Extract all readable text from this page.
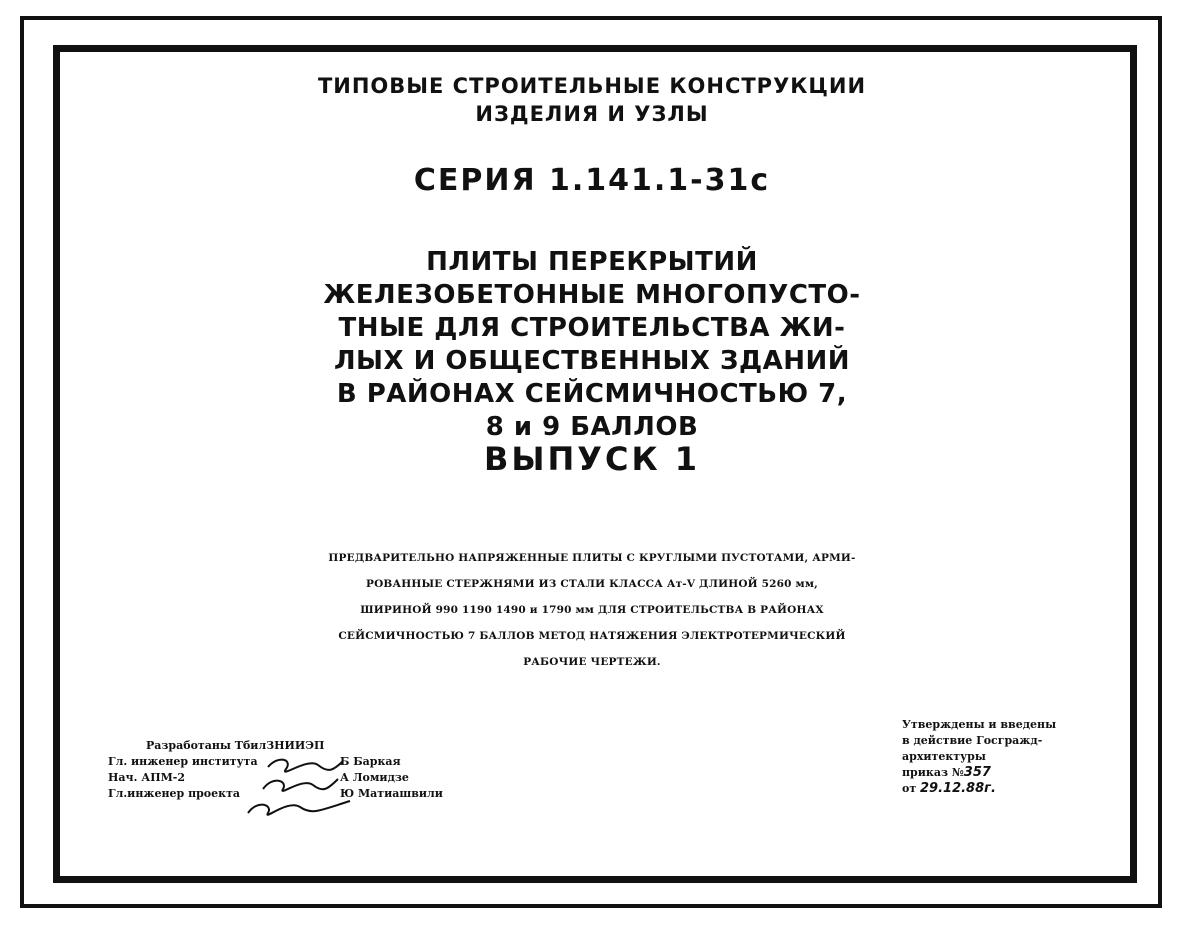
ТИПОВЫЕ СТРОИТЕЛЬНЫЕ КОНСТРУКЦИИ
ИЗДЕЛИЯ И УЗЛЫ
СЕРИЯ 1.141.1-31с
ПЛИТЫ ПЕРЕКРЫТИЙ
ЖЕЛЕЗОБЕТОННЫЕ МНОГОПУСТО-
ТНЫЕ ДЛЯ СТРОИТЕЛЬСТВА ЖИ-
ЛЫХ И ОБЩЕСТВЕННЫХ ЗДАНИЙ
В РАЙОНАХ СЕЙСМИЧНОСТЬЮ 7,
8 и 9 БАЛЛОВ
ВЫПУСК 1
ПРЕДВАРИТЕЛЬНО НАПРЯЖЕННЫЕ ПЛИТЫ С КРУГЛЫМИ ПУСТОТАМИ, АРМИ-
РОВАННЫЕ СТЕРЖНЯМИ ИЗ СТАЛИ КЛАССА Ат-V ДЛИНОЙ 5260 мм,
ШИРИНОЙ 990 1190 1490 и 1790 мм ДЛЯ СТРОИТЕЛЬСТВА В РАЙОНАХ
СЕЙСМИЧНОСТЬЮ 7 БАЛЛОВ МЕТОД НАТЯЖЕНИЯ ЭЛЕКТРОТЕРМИЧЕСКИЙ
РАБОЧИЕ ЧЕРТЕЖИ.
Разработаны ТбилЗНИИЭП
Гл. инженер института	Б Баркая
Нач. АПМ-2	А Ломидзе
Гл.инженер проекта	Ю Матиашвили
Утверждены и введены
в действие Госгражд-
архитектуры
приказ №357
от 29.12.88г.
